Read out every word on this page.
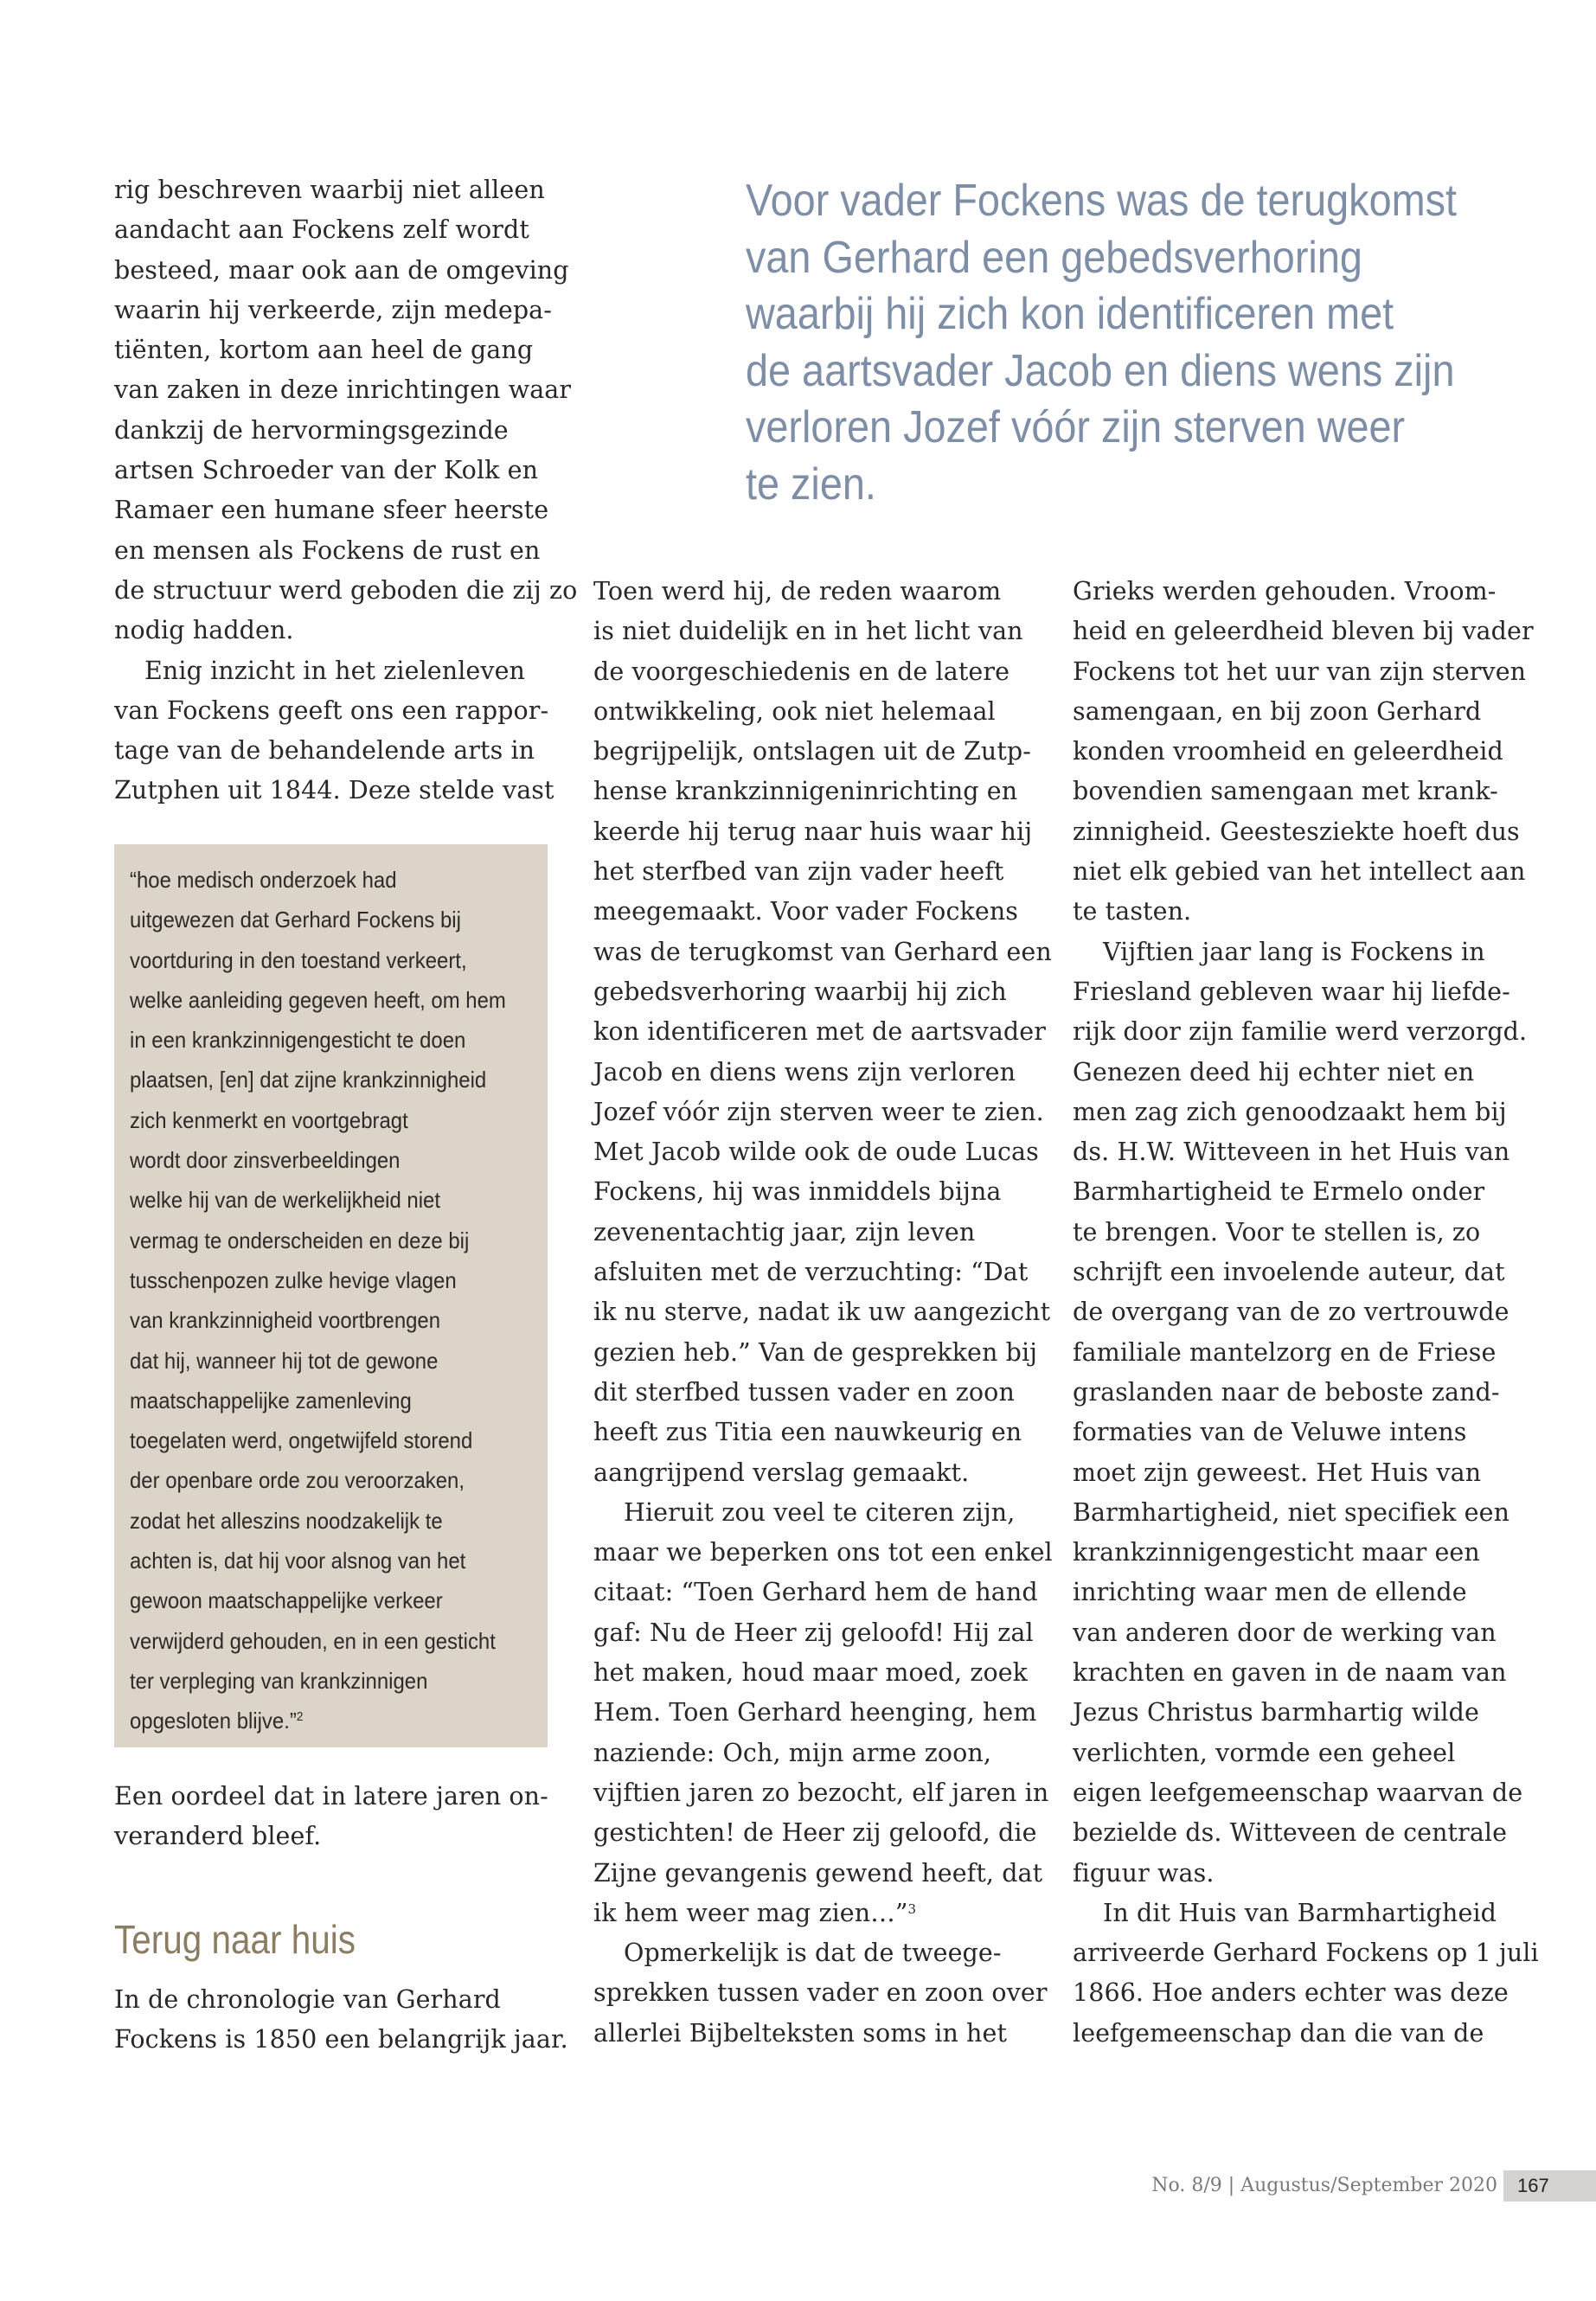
Voor vader Fockens was de terugkomst
van Gerhard een gebedsverhoring
waarbij hij zich kon identificeren met
de aartsvader Jacob en diens wens zijn
verloren Jozef vóór zijn sterven weer
te zien.
rig beschreven waarbij niet alleen
aandacht aan Fockens zelf wordt
besteed, maar ook aan de omgeving
waarin hij verkeerde, zijn medepa-
tiënten, kortom aan heel de gang
van zaken in deze inrichtingen waar
dankzij de hervormingsgezinde
artsen Schroeder van der Kolk en
Ramaer een humane sfeer heerste
en mensen als Fockens de rust en
de structuur werd geboden die zij zo
nodig hadden.
Enig inzicht in het zielenleven
van Fockens geeft ons een rappor-
tage van de behandelende arts in
Zutphen uit 1844. Deze stelde vast
“hoe medisch onderzoek had
uitgewezen dat Gerhard Fockens bij
voortduring in den toestand verkeert,
welke aanleiding gegeven heeft, om hem
in een krankzinnigengesticht te doen
plaatsen, [en] dat zijne krankzinnigheid
zich kenmerkt en voortgebragt
wordt door zinsverbeeldingen
welke hij van de werkelijkheid niet
vermag te onderscheiden en deze bij
tusschenpozen zulke hevige vlagen
van krankzinnigheid voortbrengen
dat hij, wanneer hij tot de gewone
maatschappelijke zamenleving
toegelaten werd, ongetwijfeld storend
der openbare orde zou veroorzaken,
zodat het alleszins noodzakelijk te
achten is, dat hij voor alsnog van het
gewoon maatschappelijke verkeer
verwijderd gehouden, en in een gesticht
ter verpleging van krankzinnigen
opgesloten blijve.”$^2$
Een oordeel dat in latere jaren on-
veranderd bleef.
Terug naar huis
In de chronologie van Gerhard
Fockens is 1850 een belangrijk jaar.
Toen werd hij, de reden waarom
is niet duidelijk en in het licht van
de voorgeschiedenis en de latere
ontwikkeling, ook niet helemaal
begrijpelijk, ontslagen uit de Zutp-
hense krankzinnigeninrichting en
keerde hij terug naar huis waar hij
het sterfbed van zijn vader heeft
meegemaakt. Voor vader Fockens
was de terugkomst van Gerhard een
gebedsverhoring waarbij hij zich
kon identificeren met de aartsvader
Jacob en diens wens zijn verloren
Jozef vóór zijn sterven weer te zien.
Met Jacob wilde ook de oude Lucas
Fockens, hij was inmiddels bijna
zevenentachtig jaar, zijn leven
afsluiten met de verzuchting: “Dat
ik nu sterve, nadat ik uw aangezicht
gezien heb.” Van de gesprekken bij
dit sterfbed tussen vader en zoon
heeft zus Titia een nauwkeurig en
aangrijpend verslag gemaakt.
Hieruit zou veel te citeren zijn,
maar we beperken ons tot een enkel
citaat: “Toen Gerhard hem de hand
gaf: Nu de Heer zij geloofd! Hij zal
het maken, houd maar moed, zoek
Hem. Toen Gerhard heenging, hem
naziende: Och, mijn arme zoon,
vijftien jaren zo bezocht, elf jaren in
gestichten! de Heer zij geloofd, die
Zijne gevangenis gewend heeft, dat
ik hem weer mag zien…”$^3$
Opmerkelijk is dat de tweege-
sprekken tussen vader en zoon over
allerlei Bijbelteksten soms in het
Grieks werden gehouden. Vroom-
heid en geleerdheid bleven bij vader
Fockens tot het uur van zijn sterven
samengaan, en bij zoon Gerhard
konden vroomheid en geleerdheid
bovendien samengaan met krank-
zinnigheid. Geestesziekte hoeft dus
niet elk gebied van het intellect aan
te tasten.
Vijftien jaar lang is Fockens in
Friesland gebleven waar hij liefde-
rijk door zijn familie werd verzorgd.
Genezen deed hij echter niet en
men zag zich genoodzaakt hem bij
ds. H.W. Witteveen in het Huis van
Barmhartigheid te Ermelo onder
te brengen. Voor te stellen is, zo
schrijft een invoelende auteur, dat
de overgang van de zo vertrouwde
familiale mantelzorg en de Friese
graslanden naar de beboste zand-
formaties van de Veluwe intens
moet zijn geweest. Het Huis van
Barmhartigheid, niet specifiek een
krankzinnigengesticht maar een
inrichting waar men de ellende
van anderen door de werking van
krachten en gaven in de naam van
Jezus Christus barmhartig wilde
verlichten, vormde een geheel
eigen leefgemeenschap waarvan de
bezielde ds. Witteveen de centrale
figuur was.
In dit Huis van Barmhartigheid
arriveerde Gerhard Fockens op 1 juli
1866. Hoe anders echter was deze
leefgemeenschap dan die van de
No. 8/9 | Augustus/September 2020 167
